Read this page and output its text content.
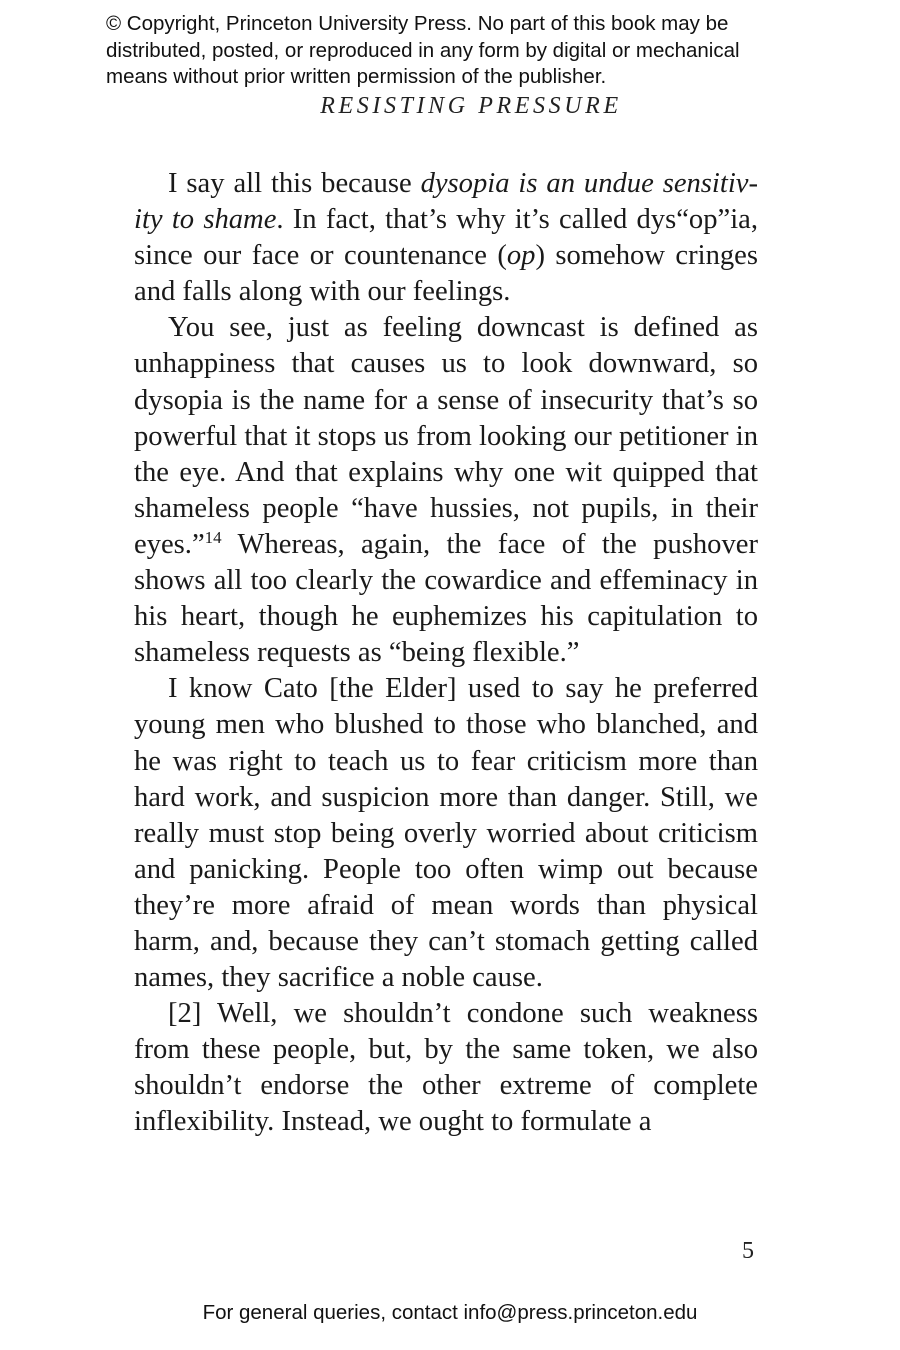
© Copyright, Princeton University Press. No part of this book may be
distributed, posted, or reproduced in any form by digital or mechanical
means without prior written permission of the publisher.
RESISTING PRESSURE

I say all this because dysopia is an undue sensitivity to shame. In fact, that’s why it’s called dys“op”ia, since our face or countenance (op) somehow cringes and falls along with our feelings.

You see, just as feeling downcast is defined as unhappiness that causes us to look downward, so dysopia is the name for a sense of insecurity that’s so powerful that it stops us from looking our petitioner in the eye. And that explains why one wit quipped that shameless people “have hussies, not pupils, in their eyes.”$^{14}$ Whereas, again, the face of the pushover shows all too clearly the cowardice and effeminacy in his heart, though he euphemizes his capitulation to shameless requests as “being flexible.”

I know Cato [the Elder] used to say he preferred young men who blushed to those who blanched, and he was right to teach us to fear criticism more than hard work, and suspicion more than danger. Still, we really must stop being overly worried about criticism and panicking. People too often wimp out because they’re more afraid of mean words than physical harm, and, because they can’t stomach getting called names, they sacrifice a noble cause.

[2] Well, we shouldn’t condone such weakness from these people, but, by the same token, we also shouldn’t endorse the other extreme of complete inflexibility. Instead, we ought to formulate a

5
For general queries, contact info@press.princeton.edu
